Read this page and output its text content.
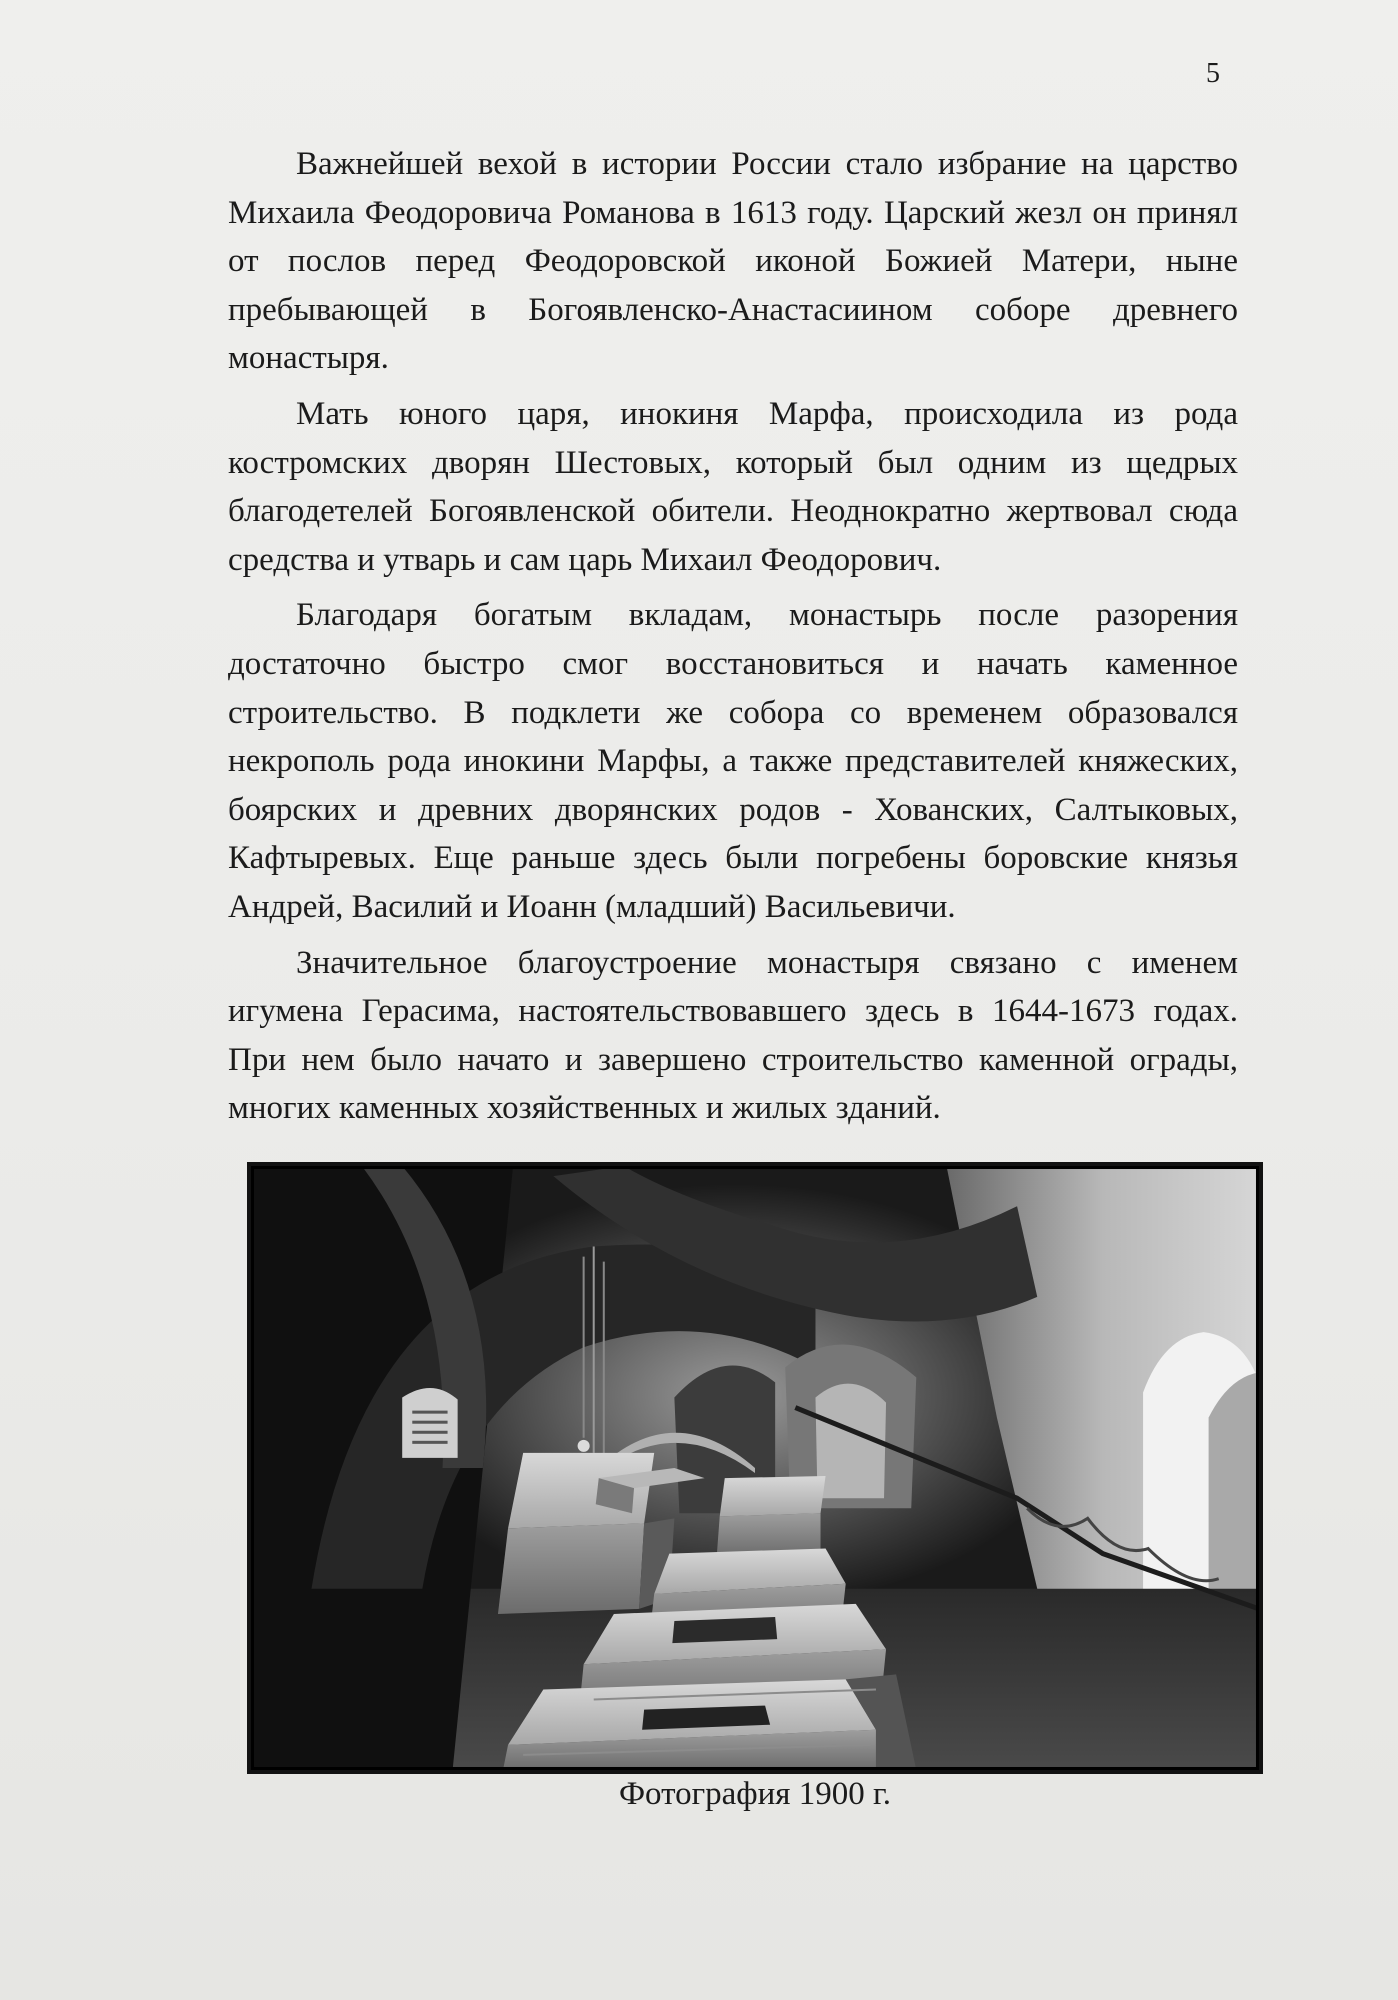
5

Важнейшей вехой в истории России стало избрание на царство Михаила Феодоровича Романова в 1613 году. Царский жезл он принял от послов перед Феодоровской иконой Божией Матери, ныне пребывающей в Богоявленско-Анастасиином соборе древнего монастыря.

Мать юного царя, инокиня Марфа, происходила из рода костромских дворян Шестовых, который был одним из щедрых благодетелей Богоявленской обители. Неоднократно жертвовал сюда средства и утварь и сам царь Михаил Феодорович.

Благодаря богатым вкладам, монастырь после разорения достаточно быстро смог восстановиться и начать каменное строительство. В подклети же собора со временем образовался некрополь рода инокини Марфы, а также представителей княжеских, боярских и древних дворянских родов - Хованских, Салтыковых, Кафтыревых. Еще раньше здесь были погребены боровские князья Андрей, Василий и Иоанн (младший) Васильевичи.

Значительное благоустроение монастыря связано с именем игумена Герасима, настоятельствовавшего здесь в 1644-1673 годах. При нем было начато и завершено строительство каменной ограды, многих каменных хозяйственных и жилых зданий.

Фотография 1900 г.
